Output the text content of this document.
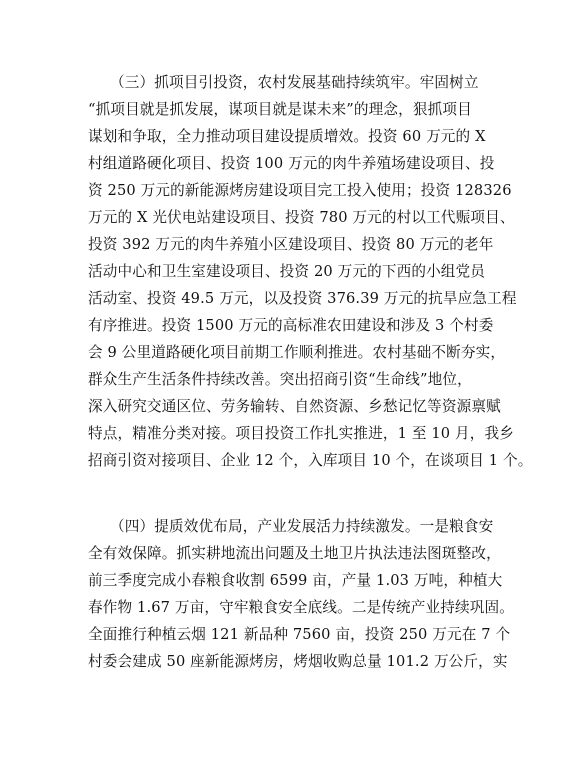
（三）抓项目引投资，农村发展基础持续筑牢。牢固树立
“抓项目就是抓发展，谋项目就是谋未来”的理念，狠抓项目
谋划和争取，全力推动项目建设提质增效。投资 60 万元的 X
村组道路硬化项目、投资 100 万元的肉牛养殖场建设项目、投
资 250 万元的新能源烤房建设项目完工投入使用；投资 128326
万元的 X 光伏电站建设项目、投资 780 万元的村以工代赈项目、
投资 392 万元的肉牛养殖小区建设项目、投资 80 万元的老年
活动中心和卫生室建设项目、投资 20 万元的下西的小组党员
活动室、投资 49.5 万元，以及投资 376.39 万元的抗旱应急工程
有序推进。投资 1500 万元的高标准农田建设和涉及 3 个村委
会 9 公里道路硬化项目前期工作顺利推进。农村基础不断夯实，
群众生产生活条件持续改善。突出招商引资“生命线”地位，
深入研究交通区位、劳务输转、自然资源、乡愁记忆等资源禀赋
特点，精准分类对接。项目投资工作扎实推进，1 至 10 月，我乡
招商引资对接项目、企业 12 个，入库项目 10 个，在谈项目 1 个。
（四）提质效优布局，产业发展活力持续激发。一是粮食安
全有效保障。抓实耕地流出问题及土地卫片执法违法图斑整改，
前三季度完成小春粮食收割 6599 亩，产量 1.03 万吨，种植大
春作物 1.67 万亩，守牢粮食安全底线。二是传统产业持续巩固。
全面推行种植云烟 121 新品种 7560 亩，投资 250 万元在 7 个
村委会建成 50 座新能源烤房，烤烟收购总量 101.2 万公斤，实
